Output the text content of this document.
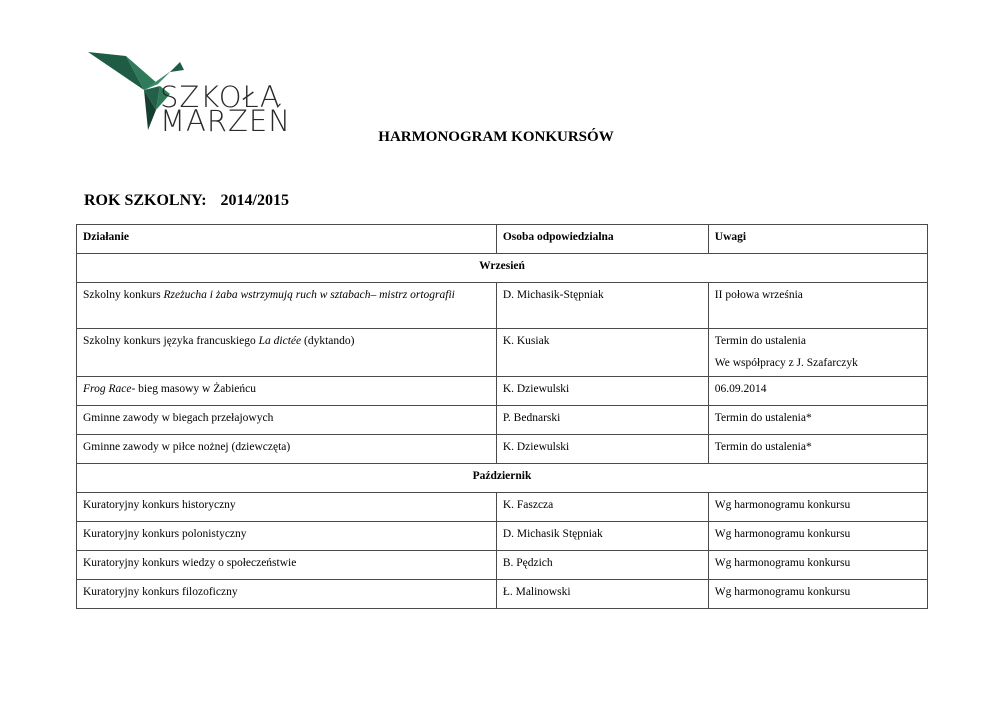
SZKOŁA
MARZEŃ	HARMONOGRAM KONKURSÓW
ROK SZKOLNY: 2014/2015
Działanie	Osoba odpowiedzialna	Uwagi
Wrzesień		
Szkolny konkurs Rzeżucha i żaba wstrzymują ruch w sztabach– mistrz ortografii	D. Michasik-Stępniak	II połowa września
Szkolny konkurs języka francuskiego La dictée (dyktando)	K. Kusiak	Termin do ustalenia
We współpracy z J. Szafarczyk

Frog Race- bieg masowy w Żabieńcu	K. Dziewulski	06.09.2014
Gminne zawody w biegach przełajowych	P. Bednarski	Termin do ustalenia*
Gminne zawody w piłce nożnej (dziewczęta)	K. Dziewulski	Termin do ustalenia*
Październik		
Kuratoryjny konkurs historyczny	K. Faszcza	Wg harmonogramu konkursu
Kuratoryjny konkurs polonistyczny	D. Michasik Stępniak	Wg harmonogramu konkursu
Kuratoryjny konkurs wiedzy o społeczeństwie	B. Pędzich	Wg harmonogramu konkursu
Kuratoryjny konkurs filozoficzny	Ł. Malinowski	Wg harmonogramu konkursu
